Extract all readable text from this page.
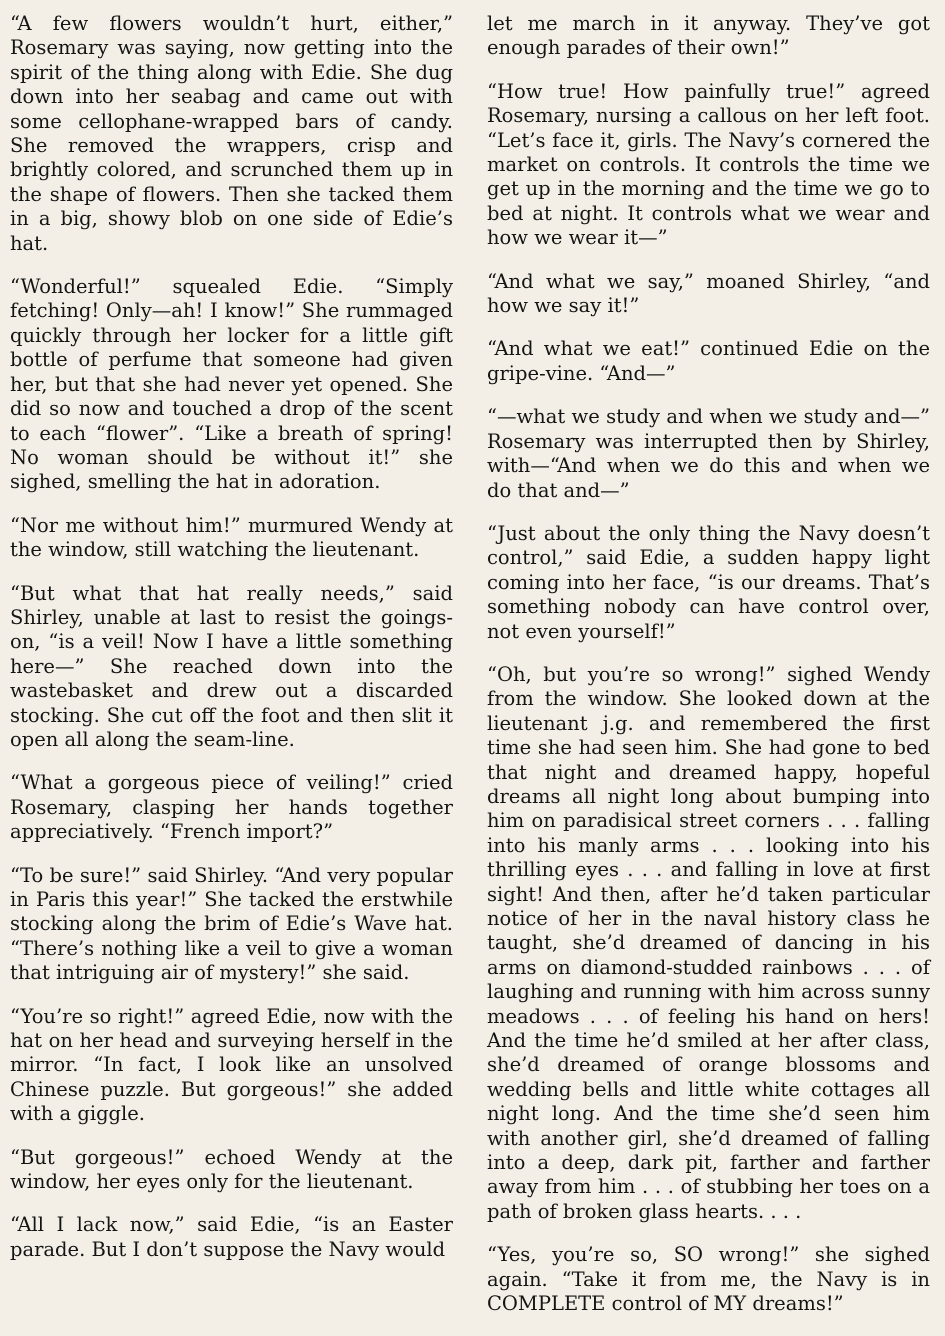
“A few flowers wouldn’t hurt, either,” Rosemary was saying, now getting into the spirit of the thing along with Edie. She dug down into her seabag and came out with some cellophane-wrapped bars of candy. She removed the wrappers, crisp and brightly colored, and scrunched them up in the shape of flowers. Then she tacked them in a big, showy blob on one side of Edie’s hat.

“Wonderful!” squealed Edie. “Simply fetching! Only—ah! I know!” She rummaged quickly through her locker for a little gift bottle of perfume that someone had given her, but that she had never yet opened. She did so now and touched a drop of the scent to each “flower”. “Like a breath of spring! No woman should be without it!” she sighed, smelling the hat in adoration.

“Nor me without him!” murmured Wendy at the window, still watching the lieutenant.

“But what that hat really needs,” said Shirley, unable at last to resist the goings-on, “is a veil! Now I have a little something here—” She reached down into the wastebasket and drew out a discarded stocking. She cut off the foot and then slit it open all along the seam-line.

“What a gorgeous piece of veiling!” cried Rosemary, clasping her hands together appreciatively. “French import?”

“To be sure!” said Shirley. “And very popular in Paris this year!” She tacked the erstwhile stocking along the brim of Edie’s Wave hat. “There’s nothing like a veil to give a woman that intriguing air of mystery!” she said.

“You’re so right!” agreed Edie, now with the hat on her head and surveying herself in the mirror. “In fact, I look like an unsolved Chinese puzzle. But gorgeous!” she added with a giggle.

“But gorgeous!” echoed Wendy at the window, her eyes only for the lieutenant.

“All I lack now,” said Edie, “is an Easter parade. But I don’t suppose the Navy would

let me march in it anyway. They’ve got enough parades of their own!”

“How true! How painfully true!” agreed Rosemary, nursing a callous on her left foot. “Let’s face it, girls. The Navy’s cornered the market on controls. It controls the time we get up in the morning and the time we go to bed at night. It controls what we wear and how we wear it—”

“And what we say,” moaned Shirley, “and how we say it!”

“And what we eat!” continued Edie on the gripe-vine. “And—”

“—what we study and when we study and—” Rosemary was interrupted then by Shirley, with—“And when we do this and when we do that and—”

“Just about the only thing the Navy doesn’t control,” said Edie, a sudden happy light coming into her face, “is our dreams. That’s something nobody can have control over, not even yourself!”

“Oh, but you’re so wrong!” sighed Wendy from the window. She looked down at the lieutenant j.g. and remembered the first time she had seen him. She had gone to bed that night and dreamed happy, hopeful dreams all night long about bumping into him on paradisical street corners . . . falling into his manly arms . . . looking into his thrilling eyes . . . and falling in love at first sight! And then, after he’d taken particular notice of her in the naval history class he taught, she’d dreamed of dancing in his arms on diamond-studded rainbows . . . of laughing and running with him across sunny meadows . . . of feeling his hand on hers! And the time he’d smiled at her after class, she’d dreamed of orange blossoms and wedding bells and little white cottages all night long. And the time she’d seen him with another girl, she’d dreamed of falling into a deep, dark pit, farther and farther away from him . . . of stubbing her toes on a path of broken glass hearts. . . .

“Yes, you’re so, SO wrong!” she sighed again. “Take it from me, the Navy is in COMPLETE control of MY dreams!”
